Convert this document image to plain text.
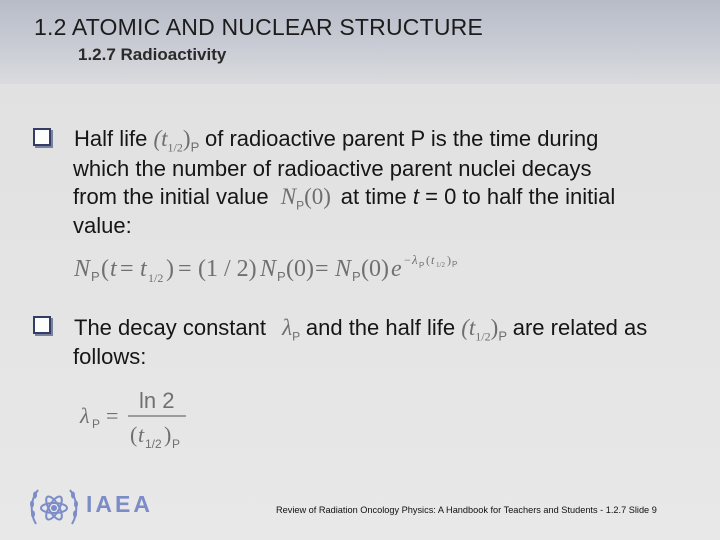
1.2 ATOMIC AND NUCLEAR STRUCTURE
1.2.7 Radioactivity
Half life $(t_{1/2})_P$ of radioactive parent P is the time during
which the number of radioactive parent nuclei decays
from the initial value $N_P(0)$ at time t = 0 to half the initial
value:
N P ( t = t 1/2 ) = (1 / 2) N P (0) = N P (0) e − λ P ( t 1/2 ) P
The decay constant $\lambda_P$ and the half life $(t_{1/2})_P$ are related as
follows:
λ P =
ln 2
( t 1/2 ) P
IAEA	Review of Radiation Oncology Physics: A Handbook for Teachers and Students - 1.2.7 Slide 9
